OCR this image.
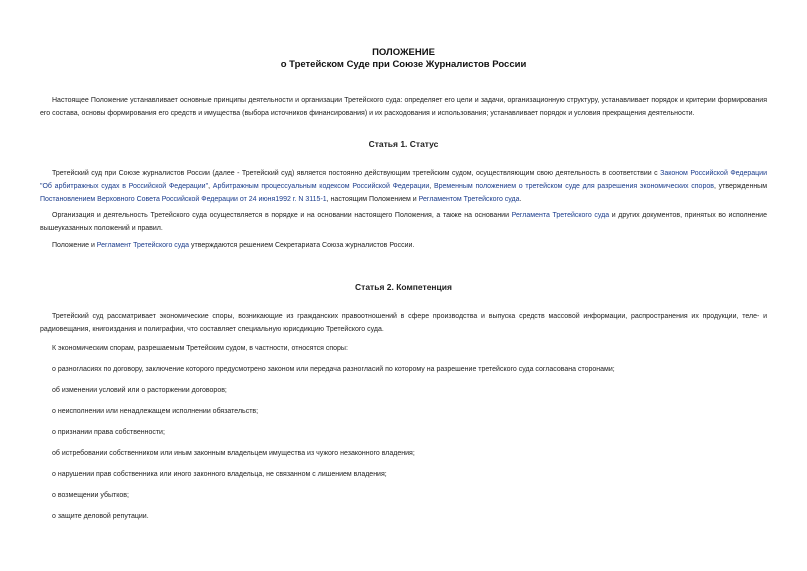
ПОЛОЖЕНИЕ
о Третейском Суде при Союзе Журналистов России

Настоящее Положение устанавливает основные принципы деятельности и организации Третейского суда: определяет его цели и задачи, организационную структуру, устанавливает порядок и критерии формирования его состава, основы формирования его средств и имущества (выбора источников финансирования) и их расходования и использования; устанавливает порядок и условия прекращения деятельности.

Статья 1. Статус

Третейский суд при Союзе журналистов России (далее - Третейский суд) является постоянно действующим третейским судом, осуществляющим свою деятельность в соответствии с Законом Российской Федерации "Об арбитражных судах в Российской Федерации", Арбитражным процессуальным кодексом Российской Федерации, Временным положением о третейском суде для разрешения экономических споров, утвержденным Постановлением Верховного Совета Российской Федерации от 24 июня1992 г. N 3115-1, настоящим Положением и Регламентом Третейского суда.

Организация и деятельность Третейского суда осуществляется в порядке и на основании настоящего Положения, а также на основании Регламента Третейского суда и других документов, принятых во исполнение вышеуказанных положений и правил.

Положение и Регламент Третейского суда утверждаются решением Секретариата Союза журналистов России.

Статья 2. Компетенция

Третейский суд рассматривает экономические споры, возникающие из гражданских правоотношений в сфере производства и выпуска средств массовой информации, распространения их продукции, теле- и радиовещания, книгоиздания и полиграфии, что составляет специальную юрисдикцию Третейского суда.

К экономическим спорам, разрешаемым Третейским судом, в частности, относятся споры:

о разногласиях по договору, заключение которого предусмотрено законом или передача разногласий по которому на разрешение третейского суда согласована сторонами;

об изменении условий или о расторжении договоров;

о неисполнении или ненадлежащем исполнении обязательств;

о признании права собственности;

об истребовании собственником или иным законным владельцем имущества из чужого незаконного владения;

о нарушении прав собственника или иного законного владельца, не связанном с лишением владения;

о возмещении убытков;

о защите деловой репутации.
